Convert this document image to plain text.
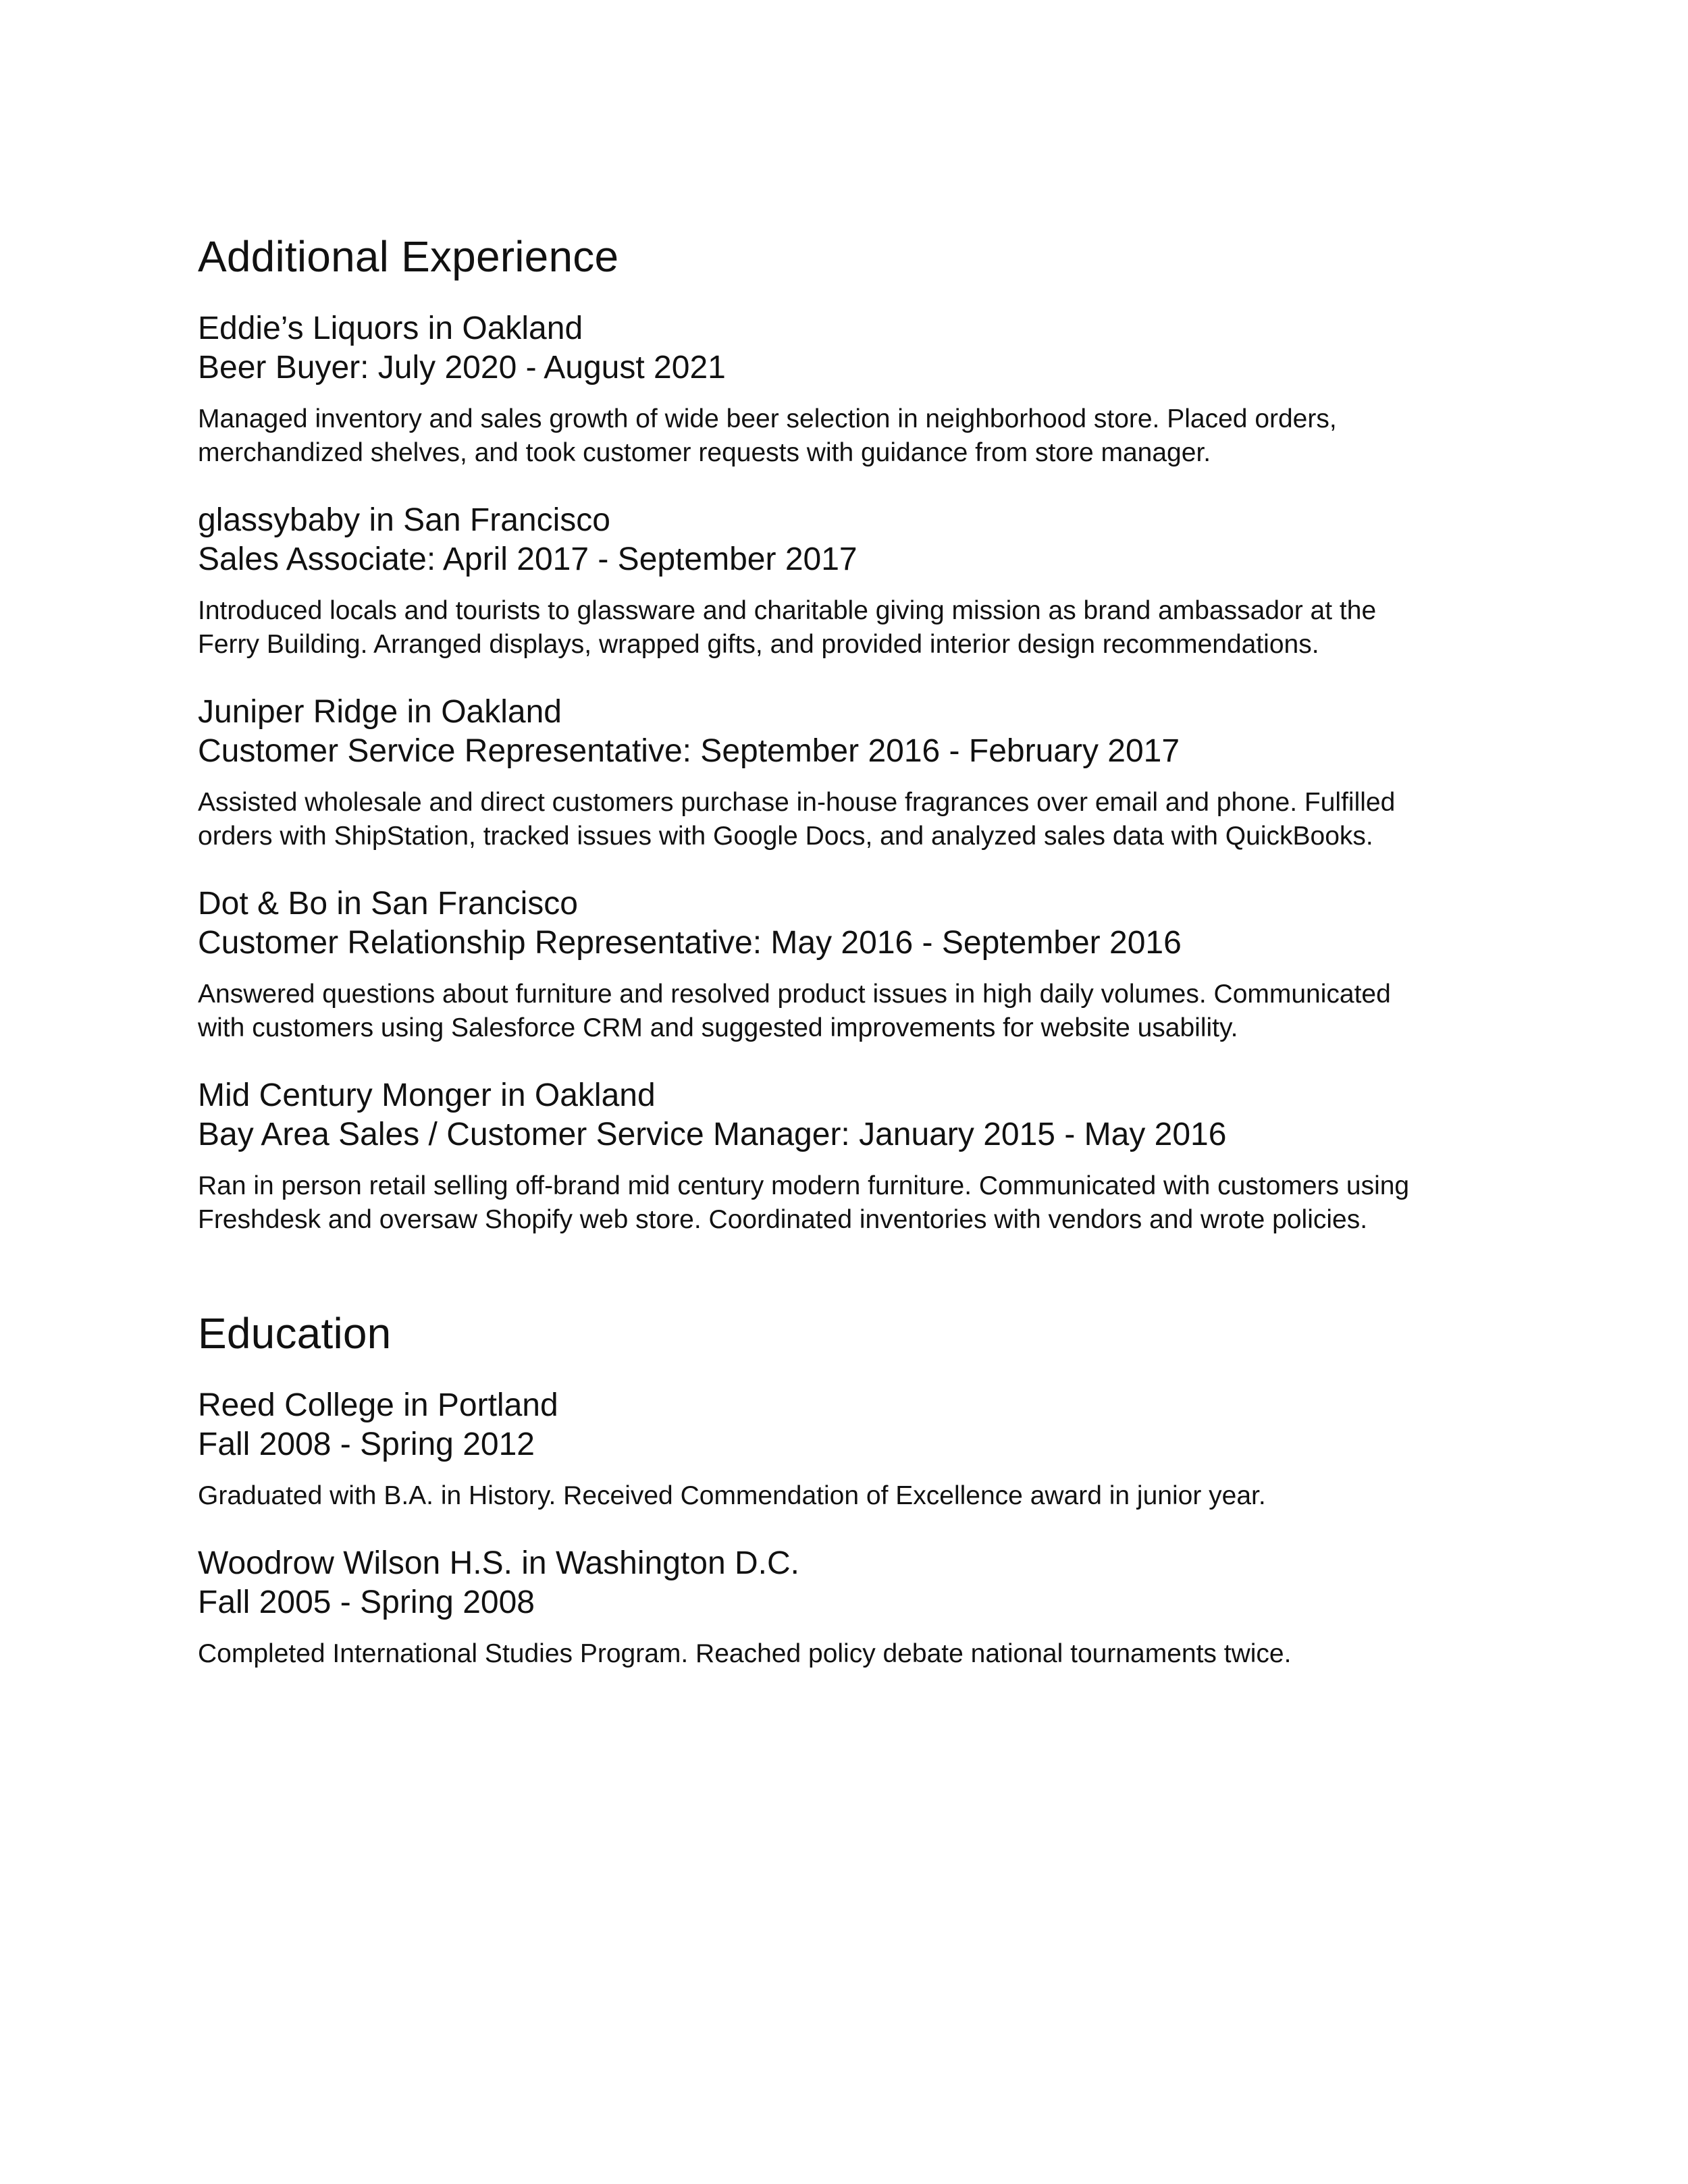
Additional Experience

Eddie’s Liquors in Oakland

Beer Buyer: July 2020 - August 2021

Managed inventory and sales growth of wide beer selection in neighborhood store. Placed orders,
merchandized shelves, and took customer requests with guidance from store manager.

glassybaby in San Francisco

Sales Associate: April 2017 - September 2017

Introduced locals and tourists to glassware and charitable giving mission as brand ambassador at the
Ferry Building. Arranged displays, wrapped gifts, and provided interior design recommendations.

Juniper Ridge in Oakland

Customer Service Representative: September 2016 - February 2017

Assisted wholesale and direct customers purchase in-house fragrances over email and phone. Fulfilled
orders with ShipStation, tracked issues with Google Docs, and analyzed sales data with QuickBooks.

Dot & Bo in San Francisco

Customer Relationship Representative: May 2016 - September 2016

Answered questions about furniture and resolved product issues in high daily volumes. Communicated
with customers using Salesforce CRM and suggested improvements for website usability.

Mid Century Monger in Oakland

Bay Area Sales / Customer Service Manager: January 2015 - May 2016

Ran in person retail selling off-brand mid century modern furniture. Communicated with customers using
Freshdesk and oversaw Shopify web store. Coordinated inventories with vendors and wrote policies.

Education

Reed College in Portland

Fall 2008 - Spring 2012

Graduated with B.A. in History. Received Commendation of Excellence award in junior year.

Woodrow Wilson H.S. in Washington D.C.

Fall 2005 - Spring 2008

Completed International Studies Program. Reached policy debate national tournaments twice.
